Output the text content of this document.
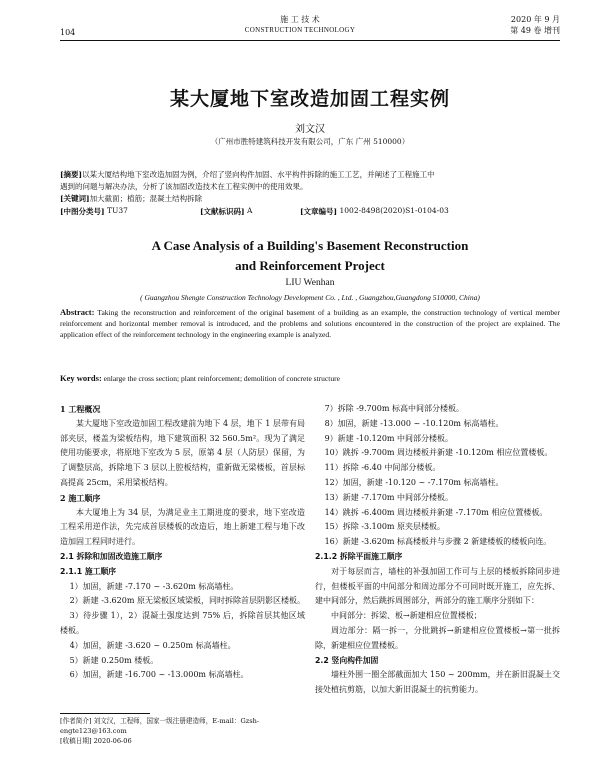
104
施 工 技 术
CONSTRUCTION TECHNOLOGY
2020 年 9 月
第 49 卷 增刊
某大厦地下室改造加固工程实例
刘文汉
（广州市胜特建筑科技开发有限公司，广东 广州 510000）
[摘要]以某大厦结构地下室改造加固为例，介绍了竖向构件加固、水平构件拆除的施工工艺，并阐述了工程施工中
遇到的问题与解决办法，分析了该加固改造技术在工程实例中的使用效果。
[关键词]加大截面；植筋；混凝土结构拆除
[中图分类号] TU37	[文献标识码] A	[文章编号] 1002-8498(2020)S1-0104-03
A Case Analysis of a Building's Basement Reconstruction
and Reinforcement Project
LIU Wenhan
( Guangzhou Shengte Construction Technology Development Co. , Ltd. , Guangzhou,Guangdong 510000, China)
Abstract: Taking the reconstruction and reinforcement of the original basement of a building as an example, the construction technology of vertical member reinforcement and horizontal member removal is introduced, and the problems and solutions encountered in the construction of the project are explained. The application effect of the reinforcement technology in the engineering example is analyzed.
Key words: enlarge the cross section; plant reinforcement; demolition of concrete structure

1 工程概况

某大厦地下室改造加固工程改建前为地下 4 层，地下 1 层带有局部夹层，楼盖为梁板结构，地下建筑面积 32 560.5m²。现为了满足使用功能要求，将原地下室改为 5 层，原第 4 层（人防层）保留，为了调整层高，拆除地下 3 层以上腔板结构，重新做无梁楼板，首层标高提高 25cm，采用梁板结构。

2 施工顺序

本大厦地上为 34 层，为满足业主工期进度的要求，地下室改造工程采用逆作法，先完成首层楼板的改造后，地上新建工程与地下改造加固工程同时进行。

2.1 拆除和加固改造施工顺序

2.1.1 施工顺序

1）加固，新建 -7.170 ~ -3.620m 标高墙柱。

2）新建 -3.620m 原无梁板区域梁板，同时拆除首层阴影区楼板。

3）待步骤 1），2）混凝土强度达到 75% 后，拆除首层其他区域楼板。

4）加固，新建 -3.620 ~ 0.250m 标高墙柱。

5）新建 0.250m 楼板。

6）加固，新建 -16.700 ~ -13.000m 标高墙柱。

7）拆除 -9.700m 标高中间部分楼板。

8）加固，新建 -13.000 ~ -10.120m 标高墙柱。

9）新建 -10.120m 中间部分楼板。

10）跳拆 -9.700m 周边楼板并新建 -10.120m 相应位置楼板。

11）拆除 -6.40 中间部分楼板。

12）加固，新建 -10.120 ~ -7.170m 标高墙柱。

13）新建 -7.170m 中间部分楼板。

14）跳拆 -6.400m 周边楼板并新建 -7.170m 相应位置楼板。

15）拆除 -3.100m 原夹层楼板。

16）新建 -3.620m 标高楼板并与步骤 2 新建楼板的楼板向连。

2.1.2 拆除平面施工顺序

对于每层而言，墙柱的补强加固工作可与上层的楼板拆除同步进行，但楼板平面的中间部分和周边部分不可同时既开施工，应先拆、建中间部分，然后跳拆周围部分，两部分的施工顺序分别如下：

中间部分：拆梁、板→新建相应位置楼板；

周边部分：隔一拆一，分批跳拆→新建相应位置楼板→第一批拆除，新建相应位置楼板。

2.2 竖向构件加固

墙柱外围一圈全部截面加大 150 ~ 200mm，并在新旧混凝土交接处植抗剪筋，以加大新旧混凝土的抗剪能力。

[作者简介] 刘文汉，工程师，国家一级注册建造师，E-mail：Gzsh-engte123@163.com
[收稿日期] 2020-06-06
